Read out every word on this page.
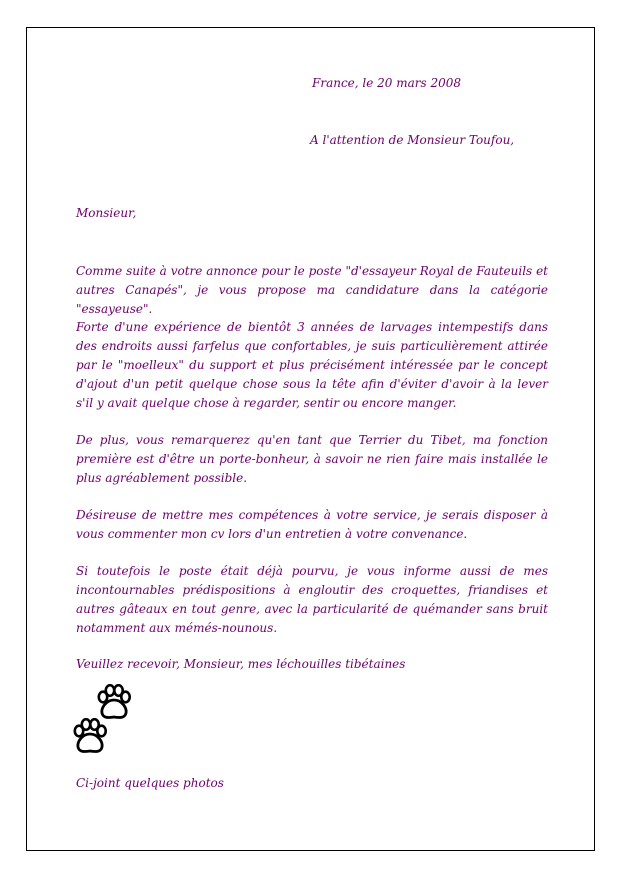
France, le 20 mars 2008

A l'attention de Monsieur Toufou,

Monsieur,

Comme suite à votre annonce pour le poste "d'essayeur Royal de Fauteuils et autres Canapés", je vous propose ma candidature dans la catégorie "essayeuse".

Forte d'une expérience de bientôt 3 années de larvages intempestifs dans des endroits aussi farfelus que confortables, je suis particulièrement attirée par le "moelleux" du support et plus précisément intéressée par le concept d'ajout d'un petit quelque chose sous la tête afin d'éviter d'avoir à la lever s'il y avait quelque chose à regarder, sentir ou encore manger.

De plus, vous remarquerez qu'en tant que Terrier du Tibet, ma fonction première est d'être un porte-bonheur, à savoir ne rien faire mais installée le plus agréablement possible.

Désireuse de mettre mes compétences à votre service, je serais disposer à vous commenter mon cv lors d'un entretien à votre convenance.

Si toutefois le poste était déjà pourvu, je vous informe aussi de mes incontournables prédispositions à engloutir des croquettes, friandises et autres gâteaux en tout genre, avec la particularité de quémander sans bruit notamment aux mémés-nounous.

Veuillez recevoir, Monsieur, mes léchouilles tibétaines

Ci-joint quelques photos
